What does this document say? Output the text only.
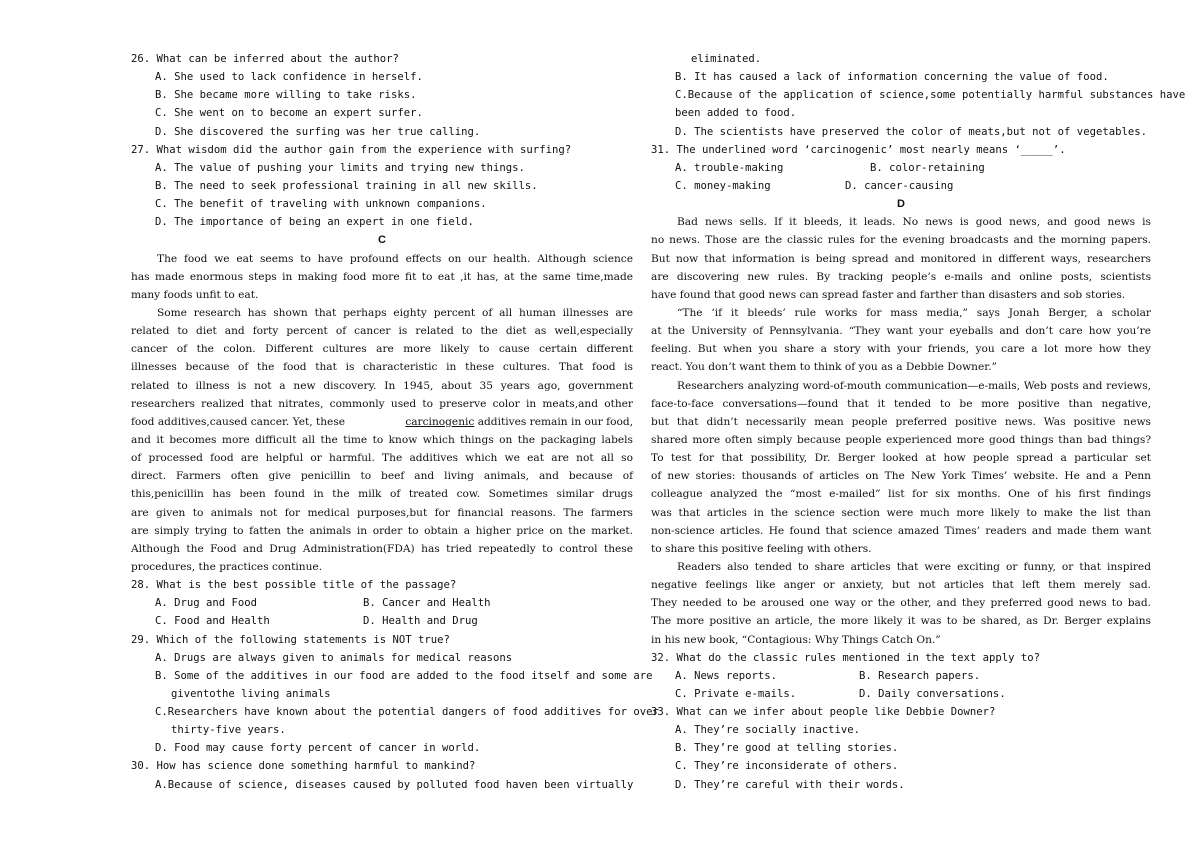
26. What can be inferred about the author?
A. She used to lack confidence in herself.
B. She became more willing to take risks.
C. She went on to become an expert surfer.
D. She discovered the surfing was her true calling.
27. What wisdom did the author gain from the experience with surfing?
A. The value of pushing your limits and trying new things.
B. The need to seek professional training in all new skills.
C. The benefit of traveling with unknown companions.
D. The importance of being an expert in one field.
C
The food we eat seems to have profound effects on our health. Although science
has made enormous steps in making food more fit to eat ,it has, at the same time,made
many foods unfit to eat.
Some research has shown that perhaps eighty percent of all human illnesses are
related to diet and forty percent of cancer is related to the diet as well,especially
cancer of the colon. Different cultures are more likely to cause certain different
illnesses because of the food that is characteristic in these cultures. That food is
related to illness is not a new discovery. In 1945, about 35 years ago, government
researchers realized that nitrates, commonly used to preserve color in meats,and other
food additives,caused cancer. Yet, these	carcinogenic additives remain in our food,
and it becomes more difficult all the time to know which things on the packaging labels
of processed food are helpful or harmful. The additives which we eat are not all so
direct. Farmers often give penicillin to beef and living animals, and because of
this,penicillin has been found in the milk of treated cow. Sometimes similar drugs
are given to animals not for medical purposes,but for financial reasons. The farmers
are simply trying to fatten the animals in order to obtain a higher price on the market.
Although the Food and Drug Administration(FDA) has tried repeatedly to control these
procedures, the practices continue.
28. What is the best possible title of the passage?
A. Drug and Food	B. Cancer and Health
C. Food and Health	D. Health and Drug
29. Which of the following statements is NOT true?
A. Drugs are always given to animals for medical reasons
B. Some of the additives in our food are added to the food itself and some are
giventothe living animals
C.Researchers have known about the potential dangers of food additives for over
thirty-five years.
D. Food may cause forty percent of cancer in world.
30. How has science done something harmful to mankind?
A.Because of science, diseases caused by polluted food haven been virtually
eliminated.
B. It has caused a lack of information concerning the value of food.
C.Because of the application of science,some potentially harmful substances have
been added to food.
D. The scientists have preserved the color of meats,but not of vegetables.
31. The underlined word ‘carcinogenic’ most nearly means ‘_____’.
A. trouble-making	B. color-retaining
C. money-making	D. cancer-causing
D
Bad news sells. If it bleeds, it leads. No news is good news, and good news is
no news. Those are the classic rules for the evening broadcasts and the morning papers.
But now that information is being spread and monitored in different ways, researchers
are discovering new rules. By tracking people’s e-mails and online posts, scientists
have found that good news can spread faster and farther than disasters and sob stories.
“The ‘if it bleeds’ rule works for mass media,” says Jonah Berger, a scholar
at the University of Pennsylvania. “They want your eyeballs and don’t care how you’re
feeling. But when you share a story with your friends, you care a lot more how they
react. You don’t want them to think of you as a Debbie Downer.”
Researchers analyzing word-of-mouth communication—e-mails, Web posts and reviews,
face-to-face conversations—found that it tended to be more positive than negative,
but that didn’t necessarily mean people preferred positive news. Was positive news
shared more often simply because people experienced more good things than bad things?
To test for that possibility, Dr. Berger looked at how people spread a particular set
of new stories: thousands of articles on The New York Times’ website. He and a Penn
colleague analyzed the “most e-mailed” list for six months. One of his first findings
was that articles in the science section were much more likely to make the list than
non-science articles. He found that science amazed Times’ readers and made them want
to share this positive feeling with others.
Readers also tended to share articles that were exciting or funny, or that inspired
negative feelings like anger or anxiety, but not articles that left them merely sad.
They needed to be aroused one way or the other, and they preferred good news to bad.
The more positive an article, the more likely it was to be shared, as Dr. Berger explains
in his new book, “Contagious: Why Things Catch On.”
32. What do the classic rules mentioned in the text apply to?
A. News reports.	B. Research papers.
C. Private e-mails.	D. Daily conversations.
33. What can we infer about people like Debbie Downer?
A. They’re socially inactive.
B. They’re good at telling stories.
C. They’re inconsiderate of others.
D. They’re careful with their words.
